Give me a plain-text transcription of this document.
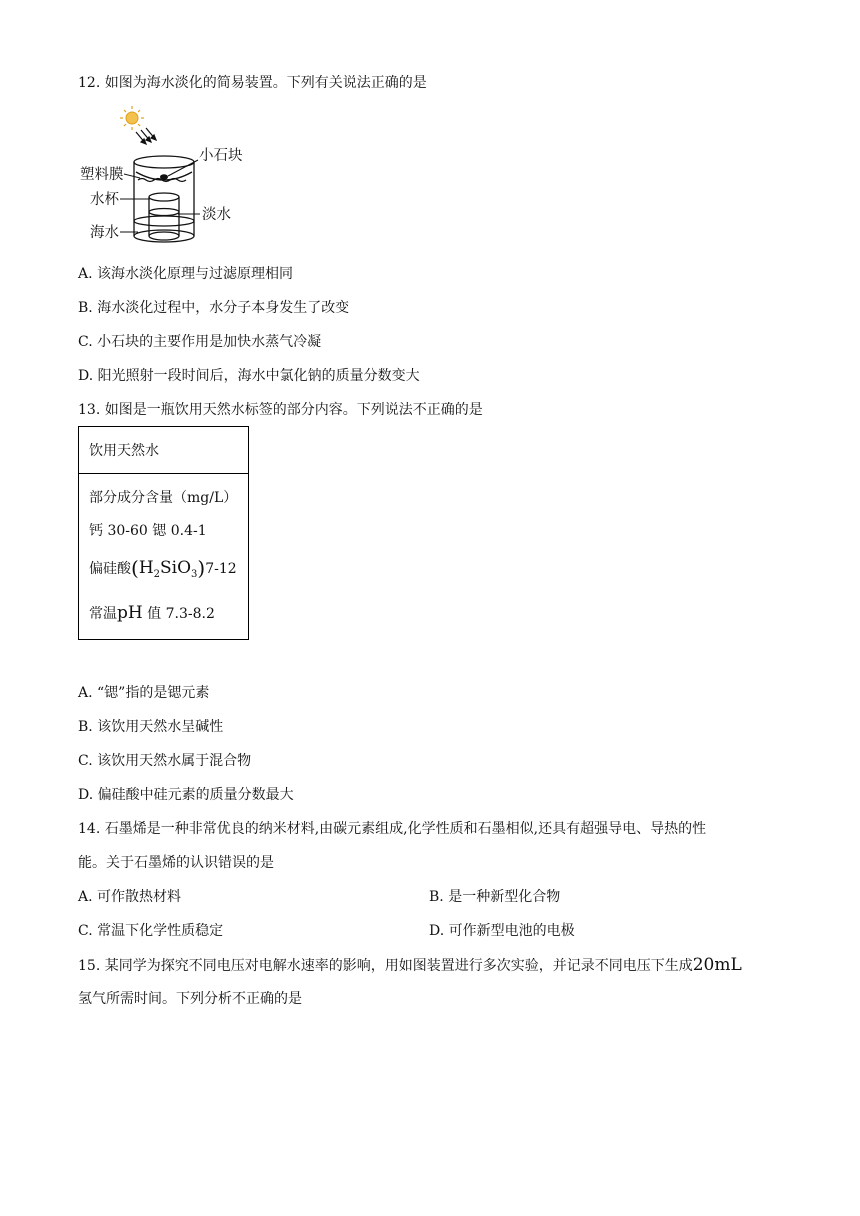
12. 如图为海水淡化的简易装置。下列有关说法正确的是
小石块
塑料膜
水杯
淡水
海水
A. 该海水淡化原理与过滤原理相同
B. 海水淡化过程中，水分子本身发生了改变
C. 小石块的主要作用是加快水蒸气冷凝
D. 阳光照射一段时间后，海水中氯化钠的质量分数变大
13. 如图是一瓶饮用天然水标签的部分内容。下列说法不正确的是
饮用天然水
部分成分含量（mg/L）
钙 30-60 锶 0.4-1
偏硅酸$(H_2SiO_3)7-12$
常温pH 值 7.3-8.2
A. “锶”指的是锶元素
B. 该饮用天然水呈碱性
C. 该饮用天然水属于混合物
D. 偏硅酸中硅元素的质量分数最大
14. 石墨烯是一种非常优良的纳米材料,由碳元素组成,化学性质和石墨相似,还具有超强导电、导热的性
能。关于石墨烯的认识错误的是
A. 可作散热材料	B. 是一种新型化合物
C. 常温下化学性质稳定	D. 可作新型电池的电极
15. 某同学为探究不同电压对电解水速率的影响，用如图装置进行多次实验，并记录不同电压下生成20mL
氢气所需时间。下列分析不正确的是
